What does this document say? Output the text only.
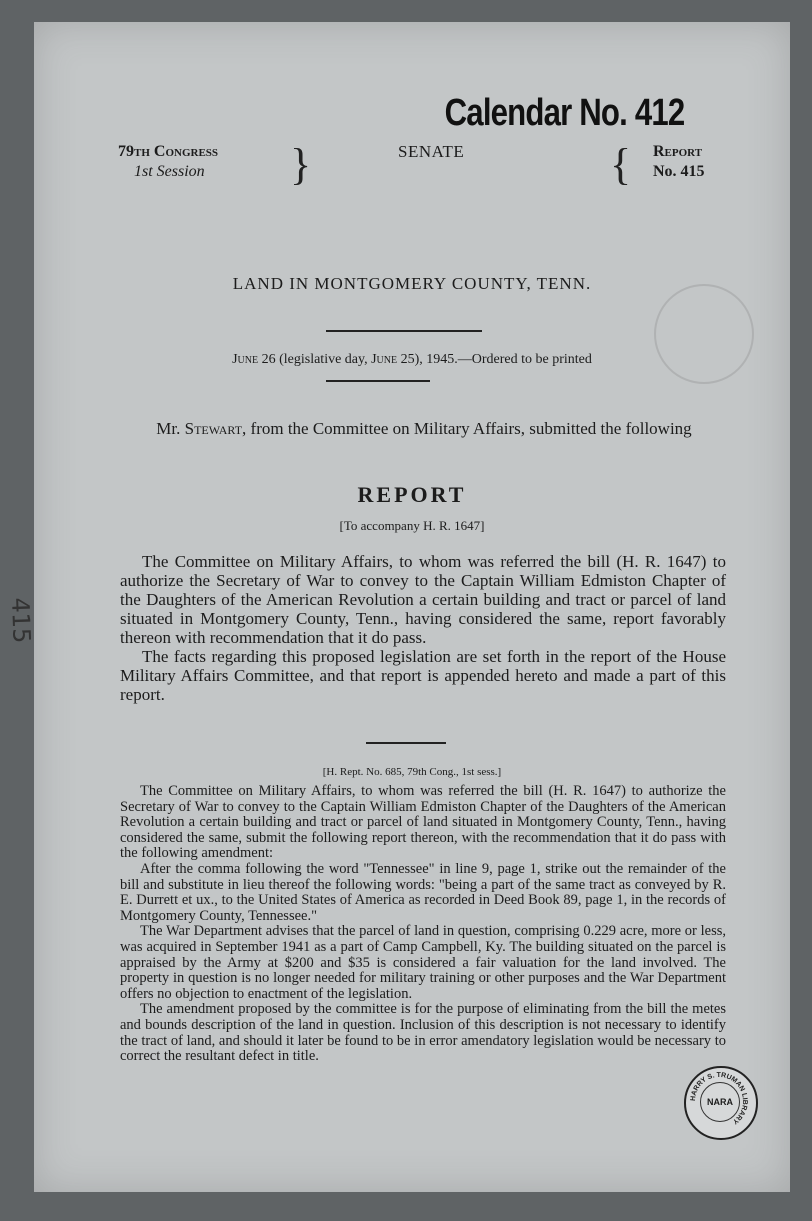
Calendar No. 412
79th Congress
1st Session	}	SENATE	{ Report
No. 415
LAND IN MONTGOMERY COUNTY, TENN.
June 26 (legislative day, June 25), 1945.—Ordered to be printed
Mr. Stewart, from the Committee on Military Affairs, submitted the following
REPORT
[To accompany H. R. 1647]

The Committee on Military Affairs, to whom was referred the bill (H. R. 1647) to authorize the Secretary of War to convey to the Captain William Edmiston Chapter of the Daughters of the American Revolution a certain building and tract or parcel of land situated in Montgomery County, Tenn., having considered the same, report favorably thereon with recommendation that it do pass.

The facts regarding this proposed legislation are set forth in the report of the House Military Affairs Committee, and that report is appended hereto and made a part of this report.

[H. Rept. No. 685, 79th Cong., 1st sess.]

The Committee on Military Affairs, to whom was referred the bill (H. R. 1647) to authorize the Secretary of War to convey to the Captain William Edmiston Chapter of the Daughters of the American Revolution a certain building and tract or parcel of land situated in Montgomery County, Tenn., having considered the same, submit the following report thereon, with the recommendation that it do pass with the following amendment:

After the comma following the word "Tennessee" in line 9, page 1, strike out the remainder of the bill and substitute in lieu thereof the following words: "being a part of the same tract as conveyed by R. E. Durrett et ux., to the United States of America as recorded in Deed Book 89, page 1, in the records of Montgomery County, Tennessee."

The War Department advises that the parcel of land in question, comprising 0.229 acre, more or less, was acquired in September 1941 as a part of Camp Campbell, Ky. The building situated on the parcel is appraised by the Army at $200 and $35 is considered a fair valuation for the land involved. The property in question is no longer needed for military training or other purposes and the War Department offers no objection to enactment of the legislation.

The amendment proposed by the committee is for the purpose of eliminating from the bill the metes and bounds description of the land in question. Inclusion of this description is not necessary to identify the tract of land, and should it later be found to be in error amendatory legislation would be necessary to correct the resultant defect in title.

415
HARRY S. TRUMAN LIBRARY
NARA
